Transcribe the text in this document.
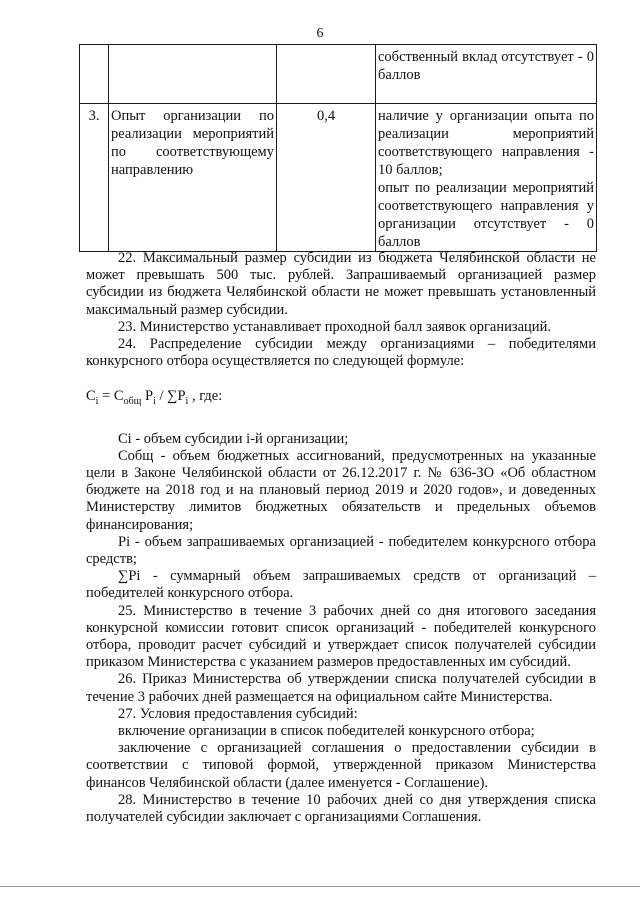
6

			собственный вклад отсутствует - 0 баллов

3.	Опыт организации по реализации мероприятий по соответствующему направлению	0,4	наличие у организации опыта по реализации мероприятий соответствующего направления - 10 баллов;

опыт по реализации мероприятий соответствующего направления у организации отсутствует - 0 баллов

22. Максимальный размер субсидии из бюджета Челябинской области не может превышать 500 тыс. рублей. Запрашиваемый организацией размер субсидии из бюджета Челябинской области не может превышать установленный максимальный размер субсидии.

23. Министерство устанавливает проходной балл заявок организаций.

24. Распределение субсидии между организациями – победителями конкурсного отбора осуществляется по следующей формуле:

$C_i = C_{общ}$ $P_i / \sum P_i$ , где:

Ci - объем субсидии i-й организации;

Cобщ - объем бюджетных ассигнований, предусмотренных на указанные цели в Законе Челябинской области от 26.12.2017 г. № 636-ЗО «Об областном бюджете на 2018 год и на плановый период 2019 и 2020 годов», и доведенных Министерству лимитов бюджетных обязательств и предельных объемов финансирования;

Pi - объем запрашиваемых организацией - победителем конкурсного отбора средств;

∑Pi - суммарный объем запрашиваемых средств от организаций – победителей конкурсного отбора.

25. Министерство в течение 3 рабочих дней со дня итогового заседания конкурсной комиссии готовит список организаций - победителей конкурсного отбора, проводит расчет субсидий и утверждает список получателей субсидии приказом Министерства с указанием размеров предоставленных им субсидий.

26. Приказ Министерства об утверждении списка получателей субсидии в течение 3 рабочих дней размещается на официальном сайте Министерства.

27. Условия предоставления субсидий:

включение организации в список победителей конкурсного отбора;

заключение с организацией соглашения о предоставлении субсидии в соответствии с типовой формой, утвержденной приказом Министерства финансов Челябинской области (далее именуется - Соглашение).

28. Министерство в течение 10 рабочих дней со дня утверждения списка получателей субсидии заключает с организациями Соглашения.
